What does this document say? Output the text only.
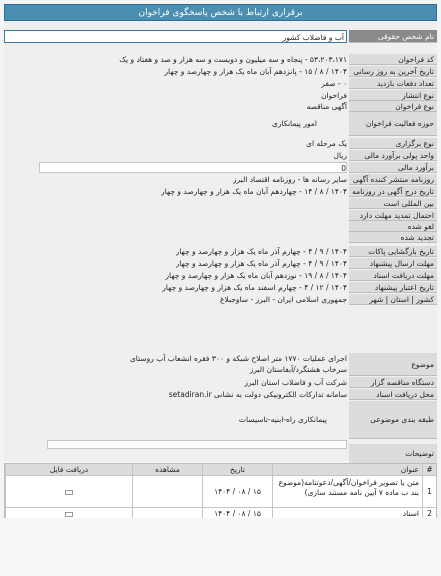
برقراری ارتباط با شخص پاسخگوی فراخوان
نام شخص حقوقی
آب و فاضلاب کشور
کد فراخوان
۵۳،۲۰۳،۱۷۱ - پنجاه و سه میلیون و دویست و سه هزار و صد و هفتاد و یک
تاریخ آخرین به روز رسانی
۱۴۰۴ / ۸ / ۱۵ - پانزدهم آبان ماه یک هزار و چهارصد و چهار
تعداد دفعات بازدید
۰ - صفر
نوع انتشار
فراخوان
نوع فراخوان
آگهی مناقصه
حوزه فعالیت فراخوان
امور پیمانکاری
نوع برگزاری
یک مرحله ای
واحد پولی برآورد مالی
ریال
برآورد مالی
0
روزنامه منتشر کننده آگهی
سایر رسانه ها - روزنامه اقتصاد البرز
تاریخ درج آگهی در روزنامه
۱۴۰۴ / ۸ / ۱۴ - چهاردهم آبان ماه یک هزار و چهارصد و چهار
بین المللی است
احتمال تمدید مهلت دارد
لغو شده
تجدید شده
تاریخ بازگشایی پاکات
۱۴۰۴ / ۹ / ۴ - چهارم آذر ماه یک هزار و چهارصد و چهار
مهلت ارسال پیشنهاد
۱۴۰۴ / ۹ / ۴ - چهارم آذر ماه یک هزار و چهارصد و چهار
مهلت دریافت اسناد
۱۴۰۴ / ۸ / ۱۹ - نوزدهم آبان ماه یک هزار و چهارصد و چهار
تاریخ اعتبار پیشنهاد
۱۴۰۴ / ۱۲ / ۴ - چهارم اسفند ماه یک هزار و چهارصد و چهار
کشور | استان | شهر
جمهوری اسلامی ایران - البرز - ساوجبلاغ
موضوع
اجرای عملیات ۱۷۷۰ متر اصلاح شبکه و ۳۰۰ فقره انشعاب آب روستای سرخاب هشتگرد/آبفاستان البرز
دستگاه مناقصه گزار
شرکت آب و فاضلاب استان البرز
محل دریافت اسناد
سامانه تدارکات الکترونیکی دولت به نشانی setadiran.ir
طبقه بندی موضوعی
پیمانکاری راه-ابنیه-تاسیسات
توضیحات
#
عنوان
تاریخ
مشاهده
دریافت فایل
1
متن یا تصویر فراخوان/آگهی/دعوتنامه(موضوع بند ب ماده ۷ آیین نامه مستند سازی)
۱۴۰۴ / ۰۸ / ۱۵
2
اسناد
۱۴۰۴ / ۰۸ / ۱۵
